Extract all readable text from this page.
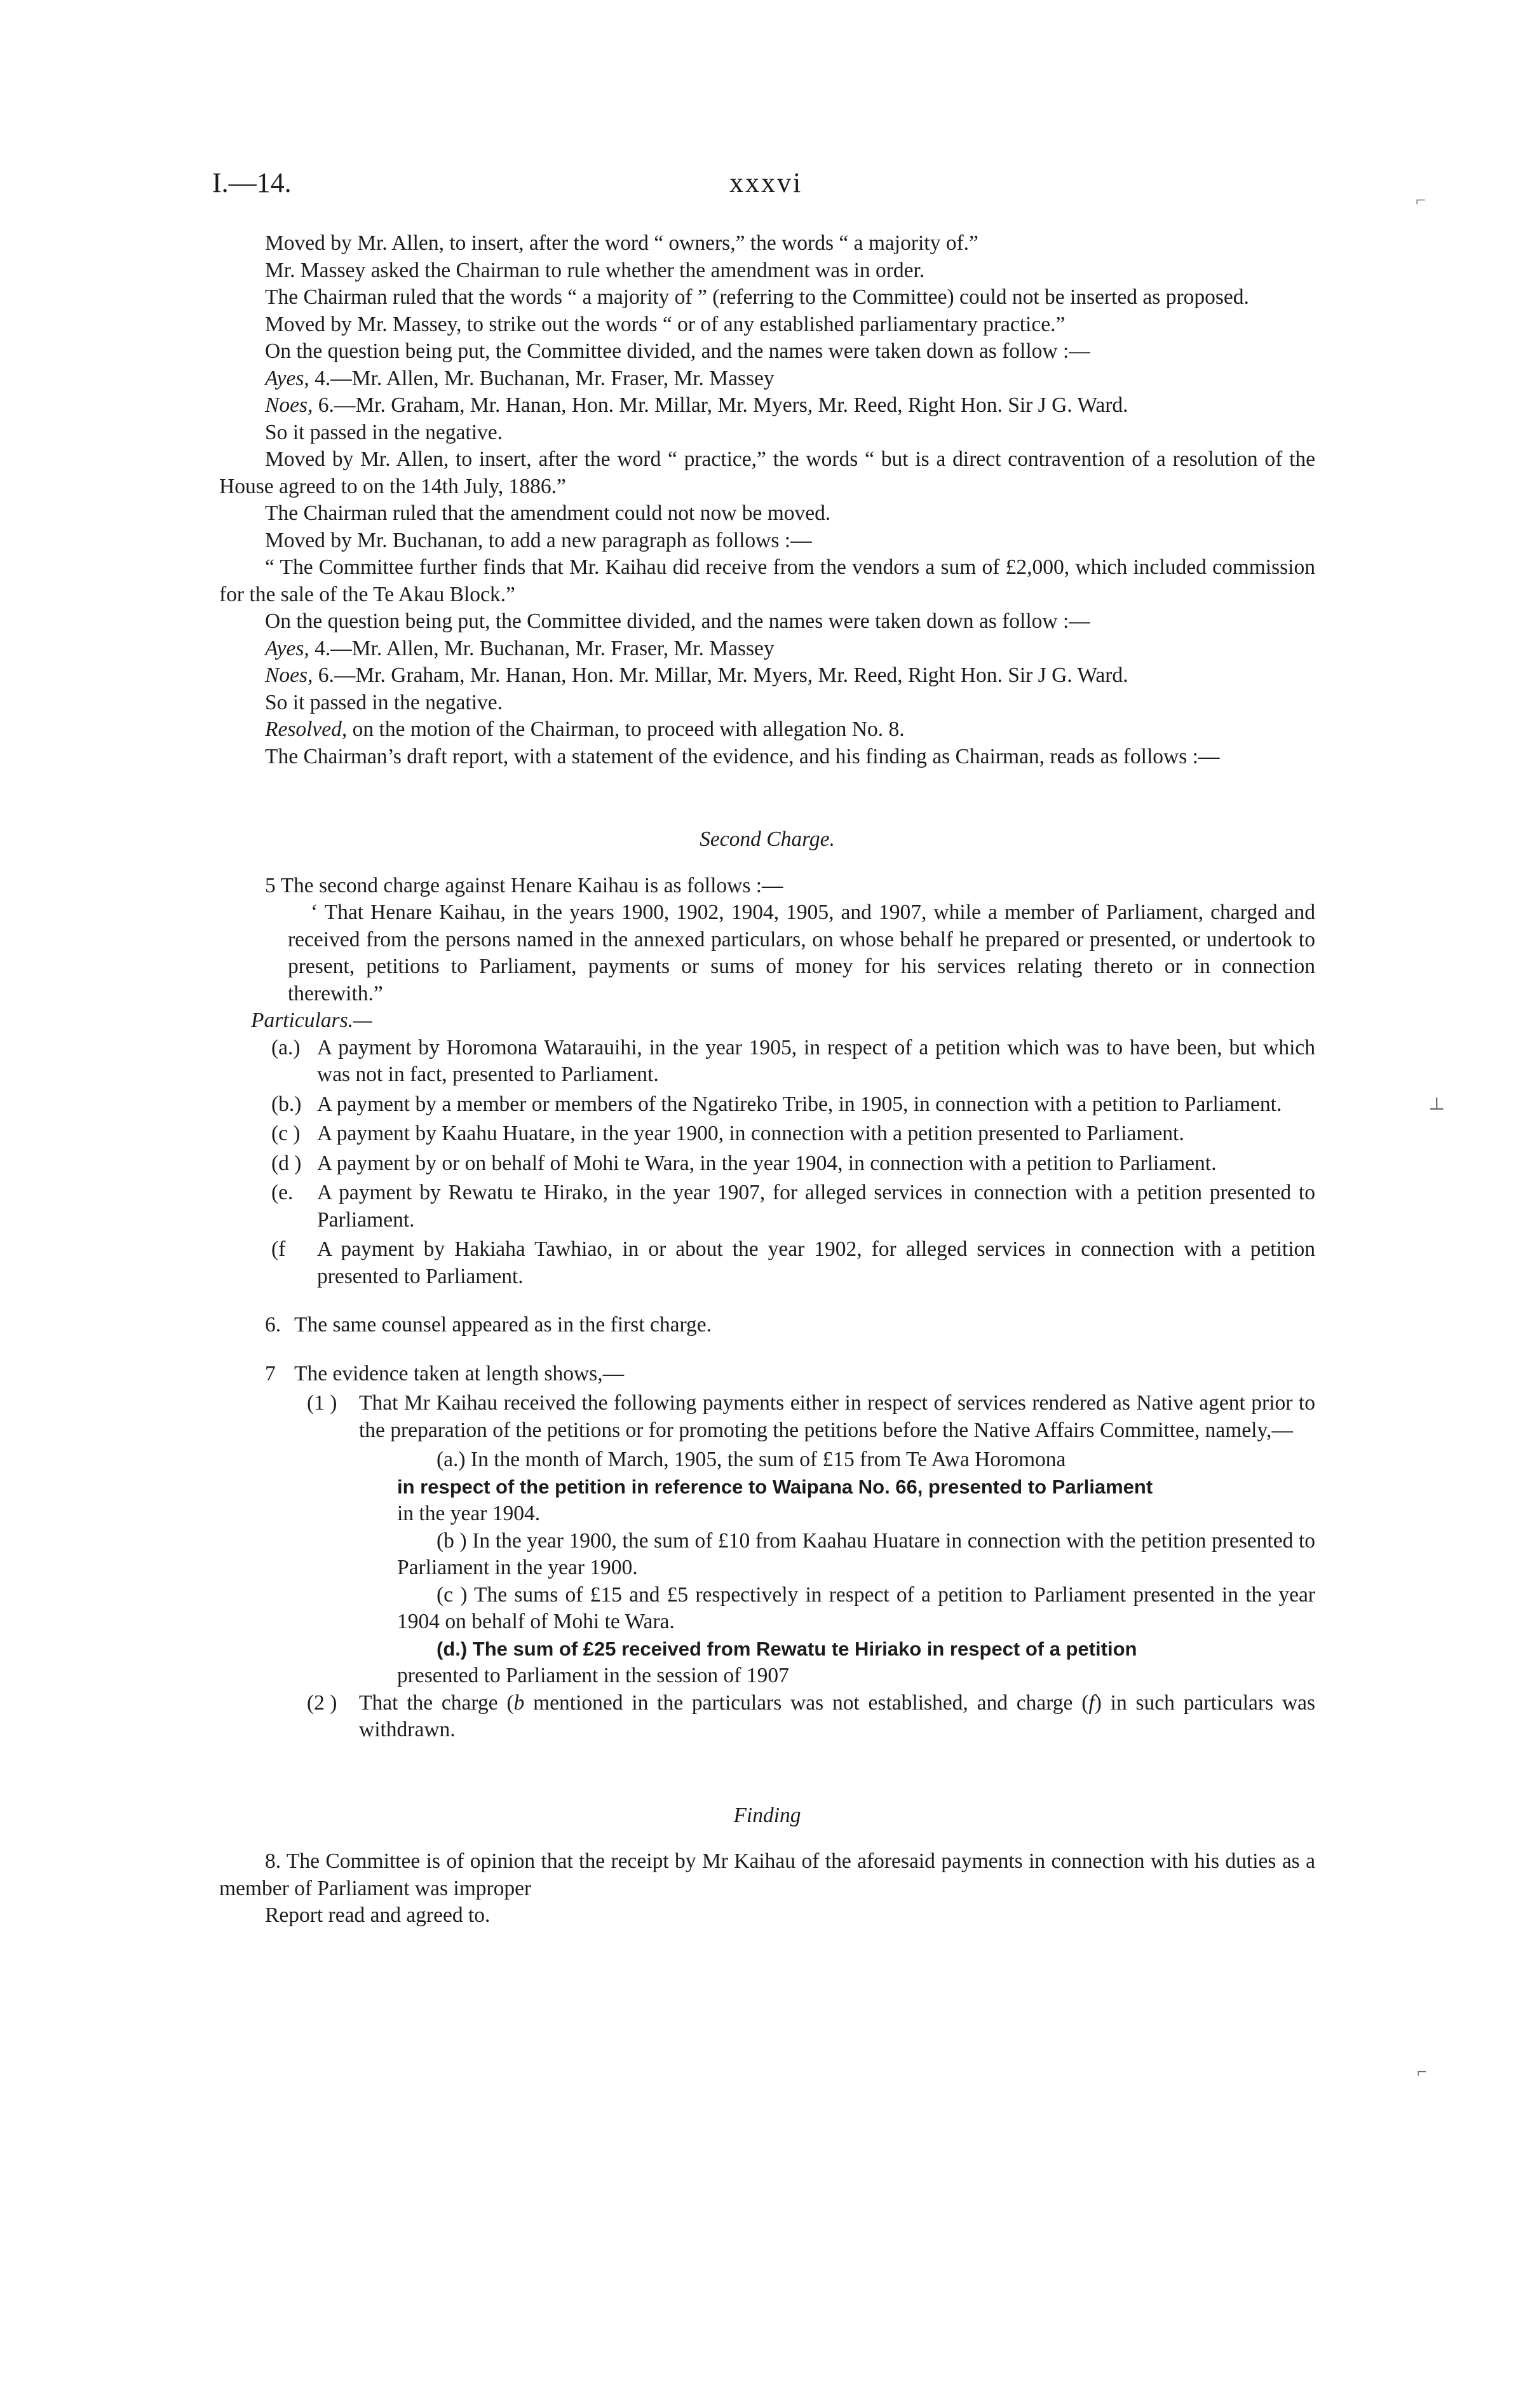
I.—14.	xxxvi

Moved by Mr. Allen, to insert, after the word “ owners,” the words “ a majority of.”

Mr. Massey asked the Chairman to rule whether the amendment was in order.

The Chairman ruled that the words “ a majority of ” (referring to the Committee) could not be inserted as proposed.

Moved by Mr. Massey, to strike out the words “ or of any established parliamentary practice.”

On the question being put, the Committee divided, and the names were taken down as follow :—

Ayes, 4.—Mr. Allen, Mr. Buchanan, Mr. Fraser, Mr. Massey

Noes, 6.—Mr. Graham, Mr. Hanan, Hon. Mr. Millar, Mr. Myers, Mr. Reed, Right Hon. Sir J G. Ward.

So it passed in the negative.

Moved by Mr. Allen, to insert, after the word “ practice,” the words “ but is a direct contravention of a resolution of the House agreed to on the 14th July, 1886.”

The Chairman ruled that the amendment could not now be moved.

Moved by Mr. Buchanan, to add a new paragraph as follows :—

“ The Committee further finds that Mr. Kaihau did receive from the vendors a sum of £2,000, which included commission for the sale of the Te Akau Block.”

On the question being put, the Committee divided, and the names were taken down as follow :—

Ayes, 4.—Mr. Allen, Mr. Buchanan, Mr. Fraser, Mr. Massey

Noes, 6.—Mr. Graham, Mr. Hanan, Hon. Mr. Millar, Mr. Myers, Mr. Reed, Right Hon. Sir J G. Ward.

So it passed in the negative.

Resolved, on the motion of the Chairman, to proceed with allegation No. 8.

The Chairman’s draft report, with a statement of the evidence, and his finding as Chairman, reads as follows :—

Second Charge.

5 The second charge against Henare Kaihau is as follows :—

‘ That Henare Kaihau, in the years 1900, 1902, 1904, 1905, and 1907, while a member of Parliament, charged and received from the persons named in the annexed particulars, on whose behalf he prepared or presented, or undertook to present, petitions to Parliament, payments or sums of money for his services relating thereto or in connection therewith.”

Particulars.—

(a.) A payment by Horomona Watarauihi, in the year 1905, in respect of a petition which was to have been, but which was not in fact, presented to Parliament.
(b.) A payment by a member or members of the Ngatireko Tribe, in 1905, in connection with a petition to Parliament.
(c ) A payment by Kaahu Huatare, in the year 1900, in connection with a petition presented to Parliament.
(d ) A payment by or on behalf of Mohi te Wara, in the year 1904, in connection with a petition to Parliament.
(e.	A payment by Rewatu te Hirako, in the year 1907, for alleged services in connection with a petition presented to Parliament.
(f	A payment by Hakiaha Tawhiao, in or about the year 1902, for alleged services in connection with a petition presented to Parliament.
6. The same counsel appeared as in the first charge.
7 The evidence taken at length shows,—
(1 )	That Mr Kaihau received the following payments either in respect of services rendered as Native agent prior to the preparation of the petitions or for promoting the petitions before the Native Affairs Committee, namely,—

(a.) In the month of March, 1905, the sum of £15 from Te Awa Horomona
in respect of the petition in reference to Waipana No. 66, presented to Parliament
in the year 1904.

(b ) In the year 1900, the sum of £10 from Kaahau Huatare in connection with the petition presented to Parliament in the year 1900.

(c ) The sums of £15 and £5 respectively in respect of a petition to Parliament presented in the year 1904 on behalf of Mohi te Wara.

(d.) The sum of £25 received from Rewatu te Hiriako in respect of a petition
presented to Parliament in the session of 1907

(2 )	That the charge (b mentioned in the particulars was not established, and charge (f) in such particulars was withdrawn.

Finding

8. The Committee is of opinion that the receipt by Mr Kaihau of the aforesaid payments in connection with his duties as a member of Parliament was improper

Report read and agreed to.

⌐
⊥
⌐
